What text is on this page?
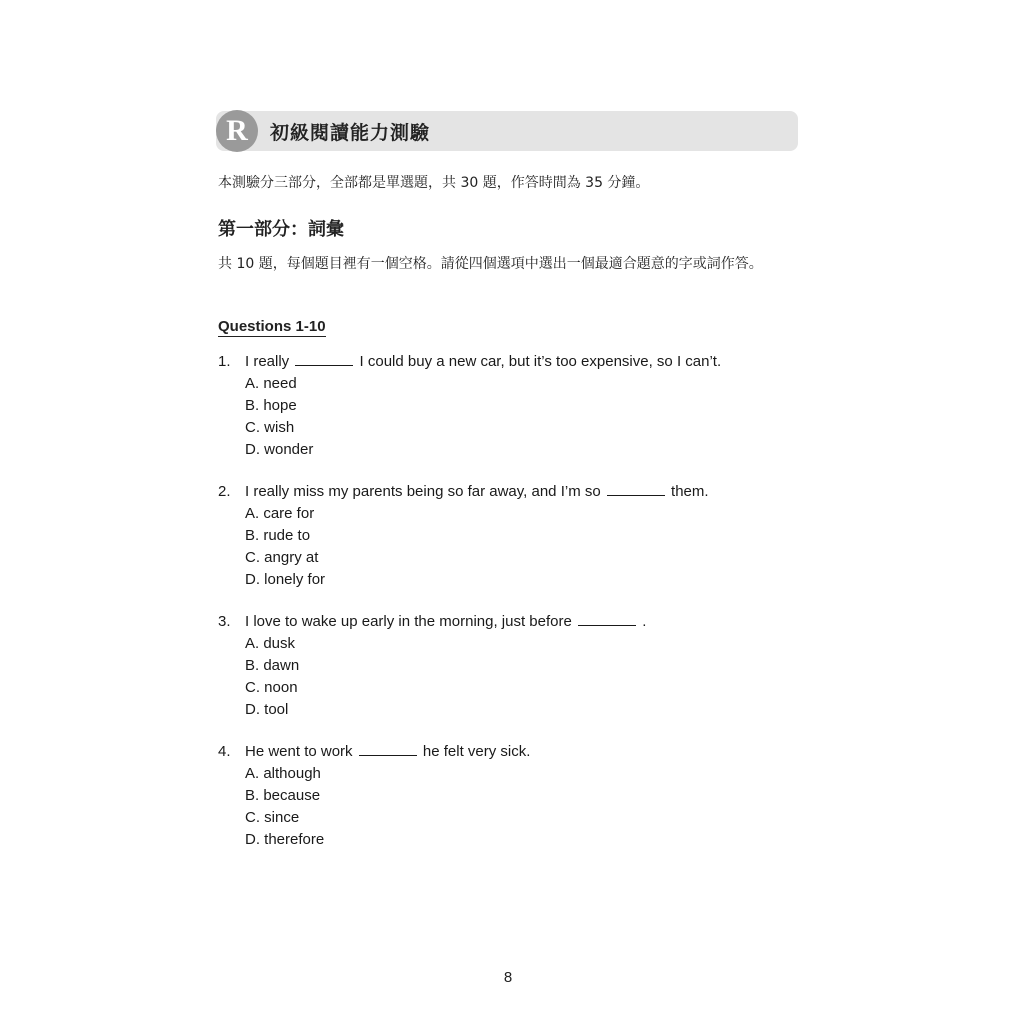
R	初級閱讀能力測驗
本測驗分三部分，全部都是單選題，共 30 題，作答時間為 35 分鐘。
第一部分：詞彙
共 10 題，每個題目裡有一個空格。請從四個選項中選出一個最適合題意的字或詞作答。
Questions 1-10
1. I really	I could buy a new car, but it’s too expensive, so I can’t.
A. need
B. hope
C. wish
D. wonder
2. I really miss my parents being so far away, and I’m so	them.
A. care for
B. rude to
C. angry at
D. lonely for
3. I love to wake up early in the morning, just before	.
A. dusk
B. dawn
C. noon
D. tool
4. He went to work	he felt very sick.
A. although
B. because
C. since
D. therefore
8
